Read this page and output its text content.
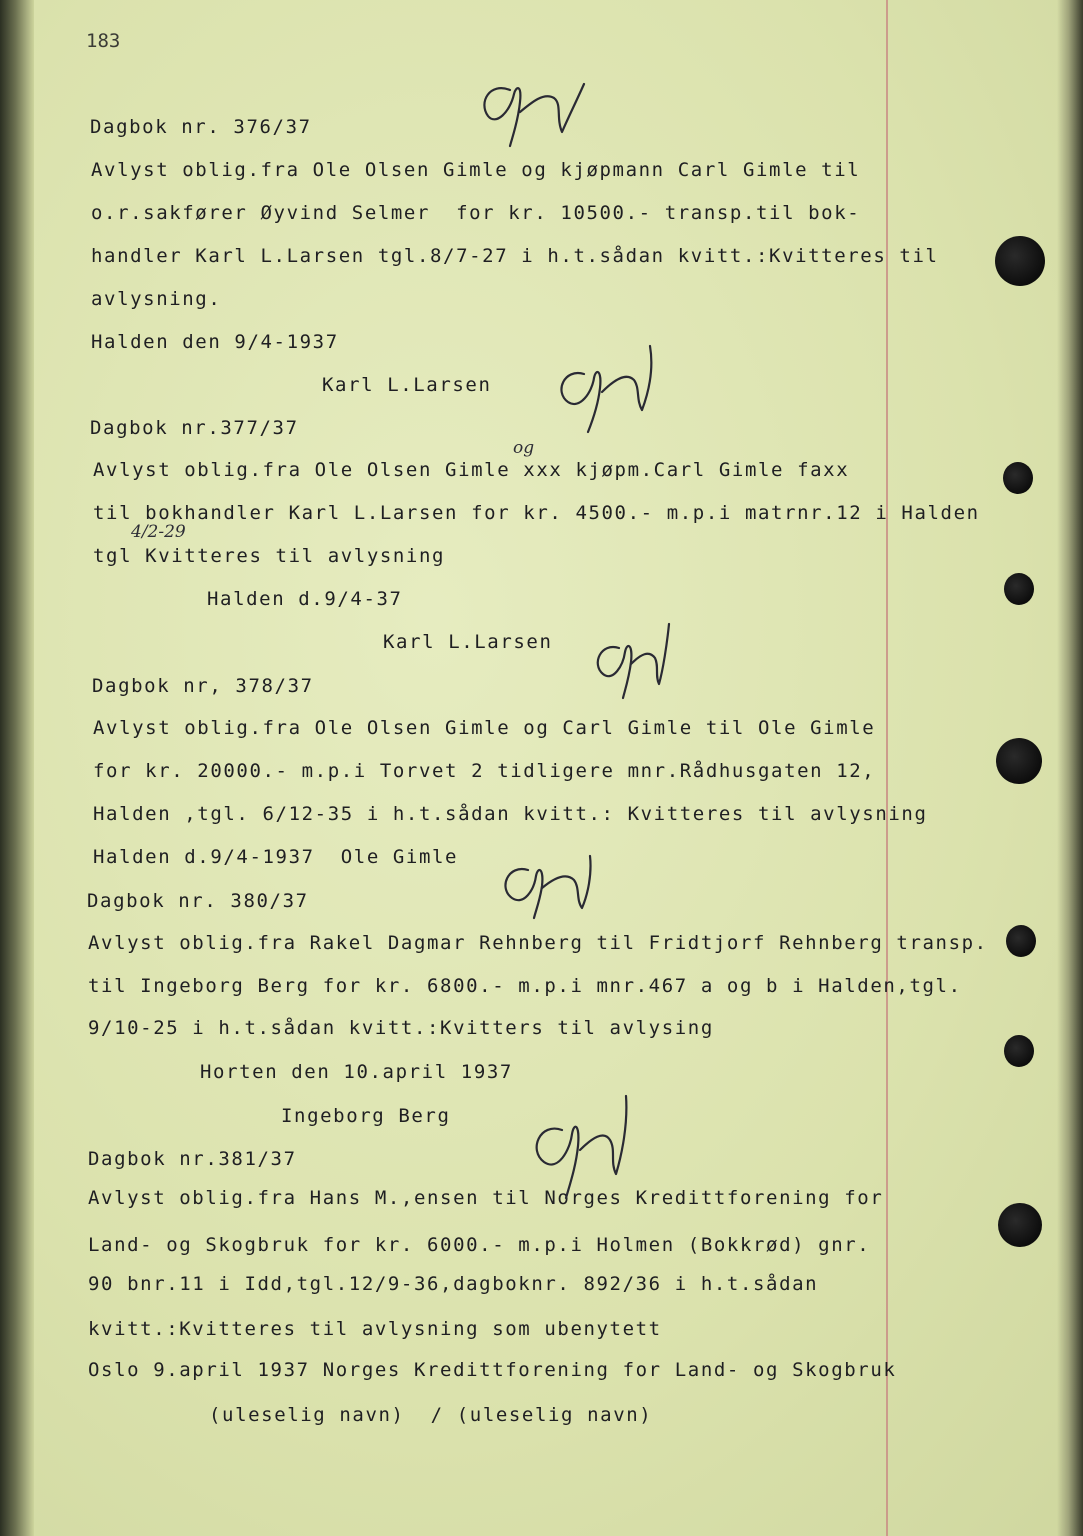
183
Dagbok nr. 376/37
Avlyst oblig.fra Ole Olsen Gimle og kjøpmann Carl Gimle til
o.r.sakfører Øyvind Selmer  for kr. 10500.- transp.til bok-
handler Karl L.Larsen tgl.8/7-27 i h.t.sådan kvitt.:Kvitteres til
avlysning.
Halden den 9/4-1937
Karl L.Larsen
Dagbok nr.377/37
og
Avlyst oblig.fra Ole Olsen Gimle xxx kjøpm.Carl Gimle faxx
til bokhandler Karl L.Larsen for kr. 4500.- m.p.i matrnr.12 i Halden
4/2-29
tgl Kvitteres til avlysning
Halden d.9/4-37
Karl L.Larsen
Dagbok nr, 378/37
Avlyst oblig.fra Ole Olsen Gimle og Carl Gimle til Ole Gimle
for kr. 20000.- m.p.i Torvet 2 tidligere mnr.Rådhusgaten 12,
Halden ,tgl. 6/12-35 i h.t.sådan kvitt.: Kvitteres til avlysning
Halden d.9/4-1937  Ole Gimle
Dagbok nr. 380/37
Avlyst oblig.fra Rakel Dagmar Rehnberg til Fridtjorf Rehnberg transp.
til Ingeborg Berg for kr. 6800.- m.p.i mnr.467 a og b i Halden,tgl.
9/10-25 i h.t.sådan kvitt.:Kvitters til avlysing
Horten den 10.april 1937
Ingeborg Berg
Dagbok nr.381/37
Avlyst oblig.fra Hans M.,ensen til Norges Kredittforening for
Land- og Skogbruk for kr. 6000.- m.p.i Holmen (Bokkrød) gnr.
90 bnr.11 i Idd,tgl.12/9-36,dagboknr. 892/36 i h.t.sådan
kvitt.:Kvitteres til avlysning som ubenytett
Oslo 9.april 1937 Norges Kredittforening for Land- og Skogbruk
(uleselig navn)  / (uleselig navn)
